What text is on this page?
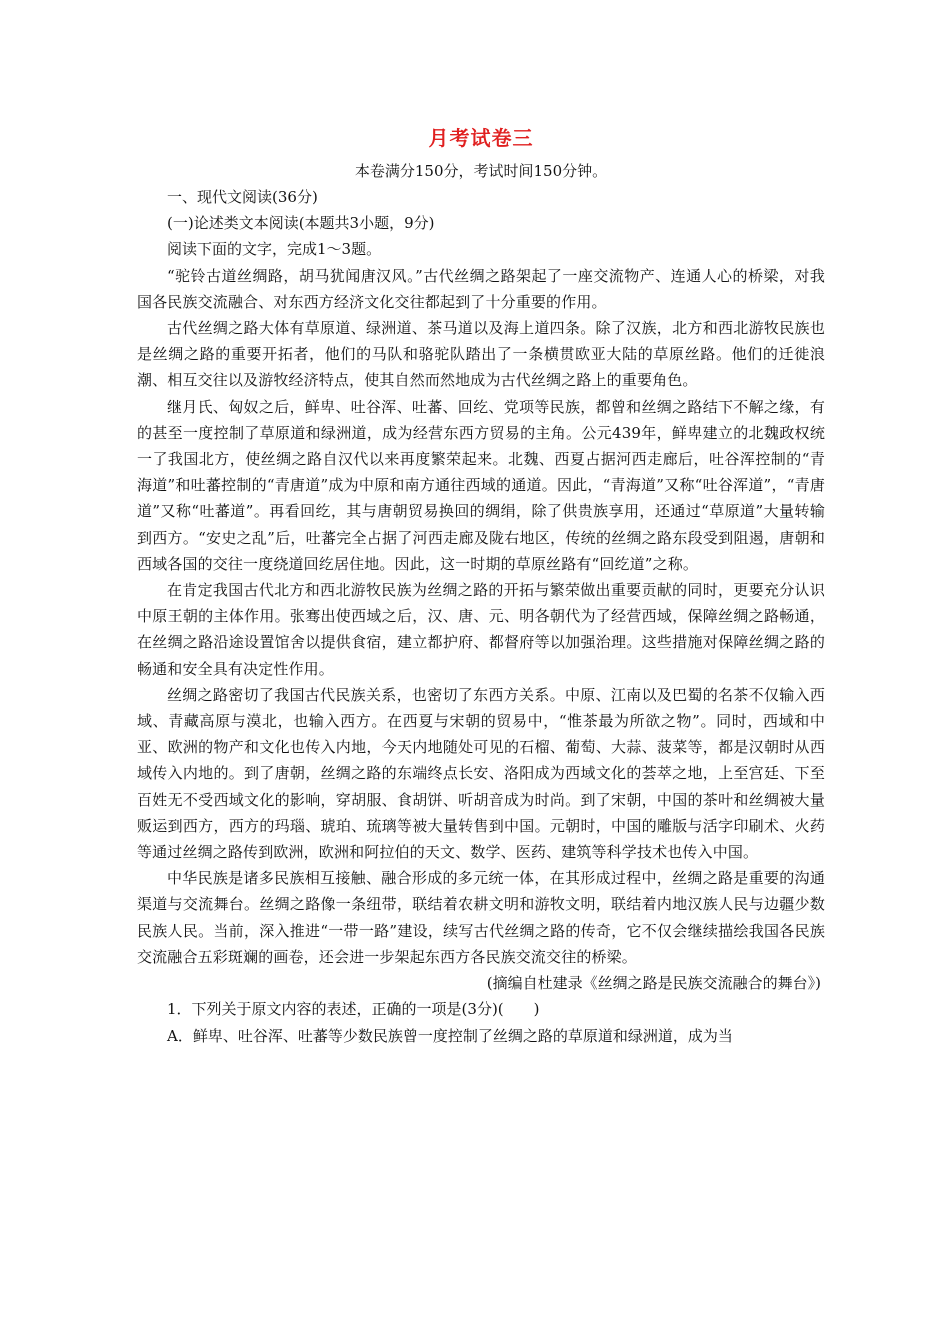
月考试卷三

本卷满分150分，考试时间150分钟。

一、现代文阅读(36分)

(一)论述类文本阅读(本题共3小题，9分)

阅读下面的文字，完成1～3题。

“驼铃古道丝绸路，胡马犹闻唐汉风。”古代丝绸之路架起了一座交流物产、连通人心的桥梁，对我国各民族交流融合、对东西方经济文化交往都起到了十分重要的作用。

古代丝绸之路大体有草原道、绿洲道、茶马道以及海上道四条。除了汉族，北方和西北游牧民族也是丝绸之路的重要开拓者，他们的马队和骆驼队踏出了一条横贯欧亚大陆的草原丝路。他们的迁徙浪潮、相互交往以及游牧经济特点，使其自然而然地成为古代丝绸之路上的重要角色。

继月氏、匈奴之后，鲜卑、吐谷浑、吐蕃、回纥、党项等民族，都曾和丝绸之路结下不解之缘，有的甚至一度控制了草原道和绿洲道，成为经营东西方贸易的主角。公元439年，鲜卑建立的北魏政权统一了我国北方，使丝绸之路自汉代以来再度繁荣起来。北魏、西夏占据河西走廊后，吐谷浑控制的“青海道”和吐蕃控制的“青唐道”成为中原和南方通往西域的通道。因此，“青海道”又称“吐谷浑道”，“青唐道”又称“吐蕃道”。再看回纥，其与唐朝贸易换回的绸绢，除了供贵族享用，还通过“草原道”大量转输到西方。“安史之乱”后，吐蕃完全占据了河西走廊及陇右地区，传统的丝绸之路东段受到阻遏，唐朝和西域各国的交往一度绕道回纥居住地。因此，这一时期的草原丝路有“回纥道”之称。

在肯定我国古代北方和西北游牧民族为丝绸之路的开拓与繁荣做出重要贡献的同时，更要充分认识中原王朝的主体作用。张骞出使西域之后，汉、唐、元、明各朝代为了经营西域，保障丝绸之路畅通，在丝绸之路沿途设置馆舍以提供食宿，建立都护府、都督府等以加强治理。这些措施对保障丝绸之路的畅通和安全具有决定性作用。

丝绸之路密切了我国古代民族关系，也密切了东西方关系。中原、江南以及巴蜀的名茶不仅输入西域、青藏高原与漠北，也输入西方。在西夏与宋朝的贸易中，“惟茶最为所欲之物”。同时，西域和中亚、欧洲的物产和文化也传入内地，今天内地随处可见的石榴、葡萄、大蒜、菠菜等，都是汉朝时从西域传入内地的。到了唐朝，丝绸之路的东端终点长安、洛阳成为西域文化的荟萃之地，上至宫廷、下至百姓无不受西域文化的影响，穿胡服、食胡饼、听胡音成为时尚。到了宋朝，中国的茶叶和丝绸被大量贩运到西方，西方的玛瑙、琥珀、琉璃等被大量转售到中国。元朝时，中国的雕版与活字印刷术、火药等通过丝绸之路传到欧洲，欧洲和阿拉伯的天文、数学、医药、建筑等科学技术也传入中国。

中华民族是诸多民族相互接触、融合形成的多元统一体，在其形成过程中，丝绸之路是重要的沟通渠道与交流舞台。丝绸之路像一条纽带，联结着农耕文明和游牧文明，联结着内地汉族人民与边疆少数民族人民。当前，深入推进“一带一路”建设，续写古代丝绸之路的传奇，它不仅会继续描绘我国各民族交流融合五彩斑斓的画卷，还会进一步架起东西方各民族交流交往的桥梁。

(摘编自杜建录《丝绸之路是民族交流融合的舞台》)

1．下列关于原文内容的表述，正确的一项是(3分)(　　)

A．鲜卑、吐谷浑、吐蕃等少数民族曾一度控制了丝绸之路的草原道和绿洲道，成为当
